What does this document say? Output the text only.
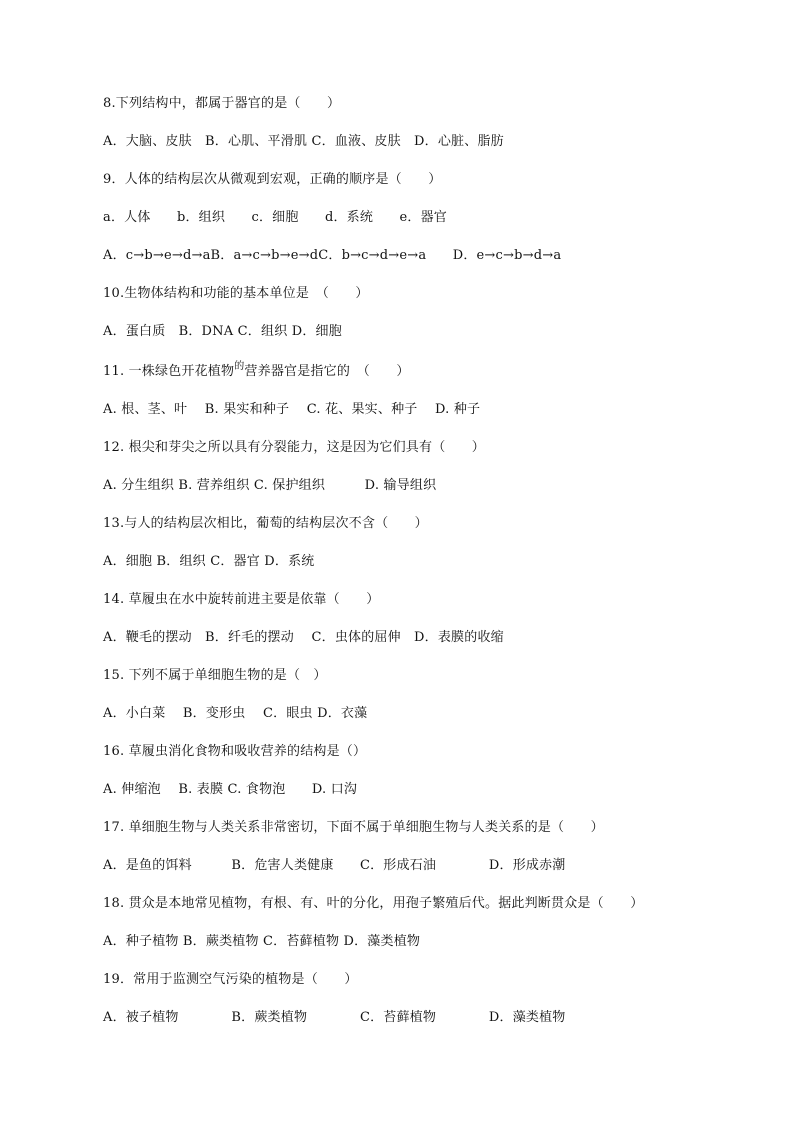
8.下列结构中，都属于器官的是（　　）
A．大脑、皮肤　B．心肌、平滑肌 C．血液、皮肤　D．心脏、脂肪
9．人体的结构层次从微观到宏观，正确的顺序是（　　）
a．人体　　b．组织　　c．细胞　　d．系统　　e．器官
A．c→b→e→d→aB．a→c→b→e→dC．b→c→d→e→a　　D．e→c→b→d→a
10.生物体结构和功能的基本单位是　（　　）
A．蛋白质　B．DNA C．组织 D．细胞
11. 一株绿色开花植物$^的$营养器官是指它的　（　　）
A. 根、茎、叶　 B. 果实和种子　 C. 花、果实、种子　 D. 种子
12. 根尖和芽尖之所以具有分裂能力，这是因为它们具有（　　）
A. 分生组织 B. 营养组织 C. 保护组织　　　D. 输导组织
13.与人的结构层次相比，葡萄的结构层次不含（　　）
A．细胞 B．组织 C．器官 D．系统
14. 草履虫在水中旋转前进主要是依靠（　　）
A．鞭毛的摆动　B．纤毛的摆动　 C．虫体的屈伸　D．表膜的收缩
15. 下列不属于单细胞生物的是（　）
A．小白菜　 B．变形虫　 C．眼虫 D．衣藻
16. 草履虫消化食物和吸收营养的结构是（）
A. 伸缩泡　 B. 表膜 C. 食物泡　　D. 口沟
17. 单细胞生物与人类关系非常密切，下面不属于单细胞生物与人类关系的是（　　）
A．是鱼的饵料　　　B．危害人类健康　　C．形成石油　　　　D．形成赤潮
18. 贯众是本地常见植物，有根、有、叶的分化，用孢子繁殖后代。据此判断贯众是（　　）
A．种子植物 B．蕨类植物 C．苔藓植物 D．藻类植物
19．常用于监测空气污染的植物是（　　）
A．被子植物　　　　B．蕨类植物　　　　C．苔藓植物　　　　D．藻类植物
